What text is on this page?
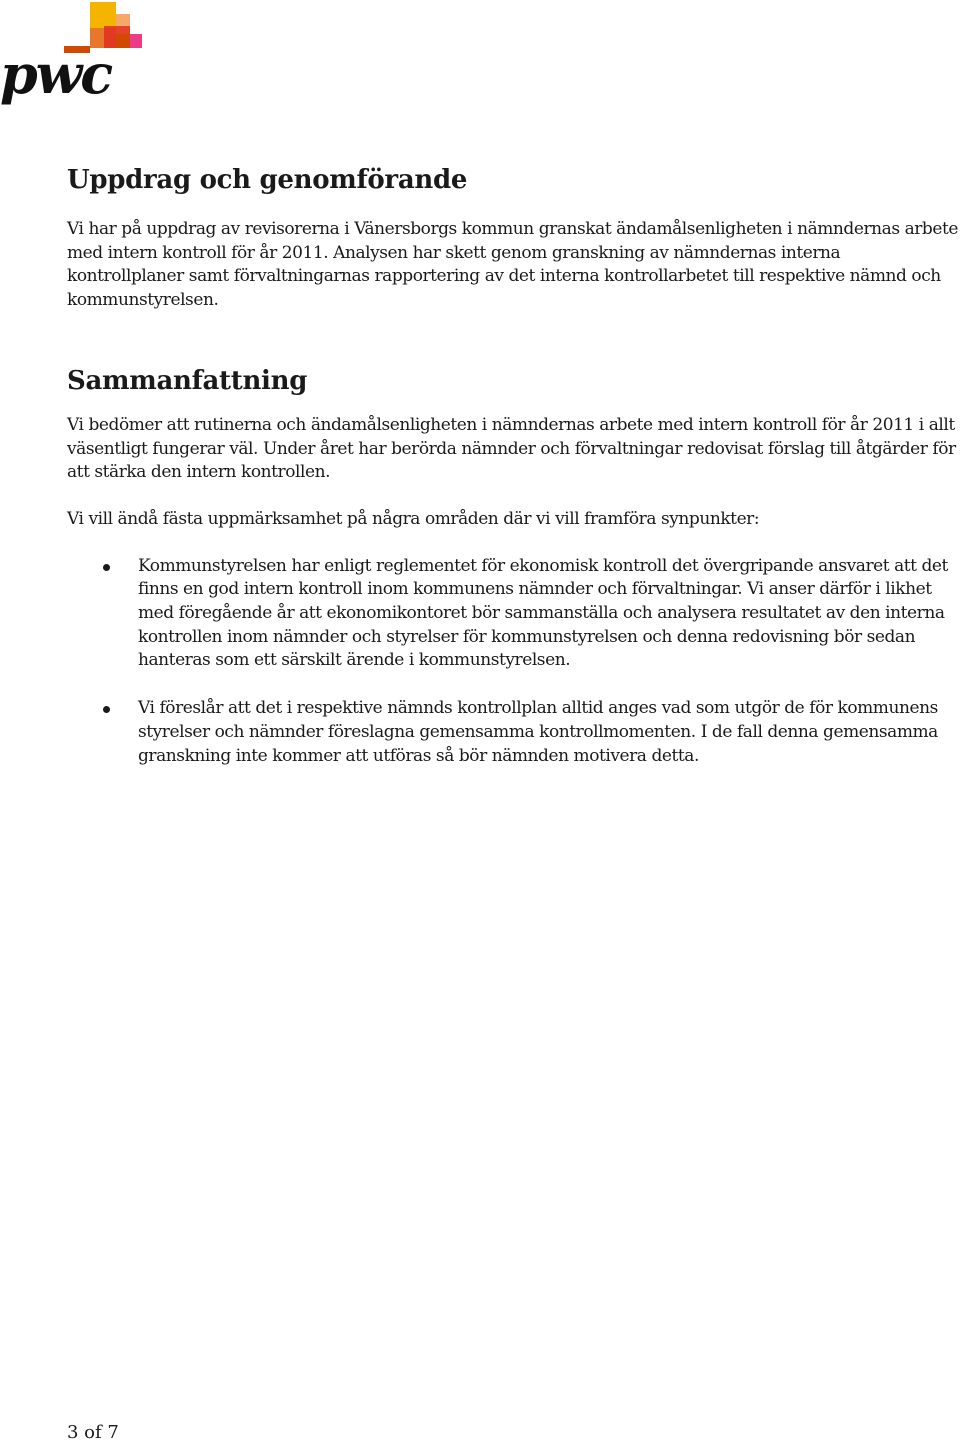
pwc
Uppdrag och genomförande

Vi har på uppdrag av revisorerna i Vänersborgs kommun granskat ändamålsenligheten i nämndernas arbete med intern kontroll för år 2011. Analysen har skett genom granskning av nämndernas interna kontrollplaner samt förvaltningarnas rapportering av det interna kontrollarbetet till respektive nämnd och kommunstyrelsen.

Sammanfattning

Vi bedömer att rutinerna och ändamålsenligheten i nämndernas arbete med intern kontroll för år 2011 i allt väsentligt fungerar väl. Under året har berörda nämnder och förvaltningar redovisat förslag till åtgärder för att stärka den intern kontrollen.

Vi vill ändå fästa uppmärksamhet på några områden där vi vill framföra synpunkter:

Kommunstyrelsen har enligt reglementet för ekonomisk kontroll det övergripande ansvaret att det finns en god intern kontroll inom kommunens nämnder och förvaltningar. Vi anser därför i likhet med föregående år att ekonomikontoret bör sammanställa och analysera resultatet av den interna kontrollen inom nämnder och styrelser för kommunstyrelsen och denna redovisning bör sedan hanteras som ett särskilt ärende i kommunstyrelsen.

Vi föreslår att det i respektive nämnds kontrollplan alltid anges vad som utgör de för kommunens styrelser och nämnder föreslagna gemensamma kontrollmomenten. I de fall denna gemensamma granskning inte kommer att utföras så bör nämnden motivera detta.

3 of 7
